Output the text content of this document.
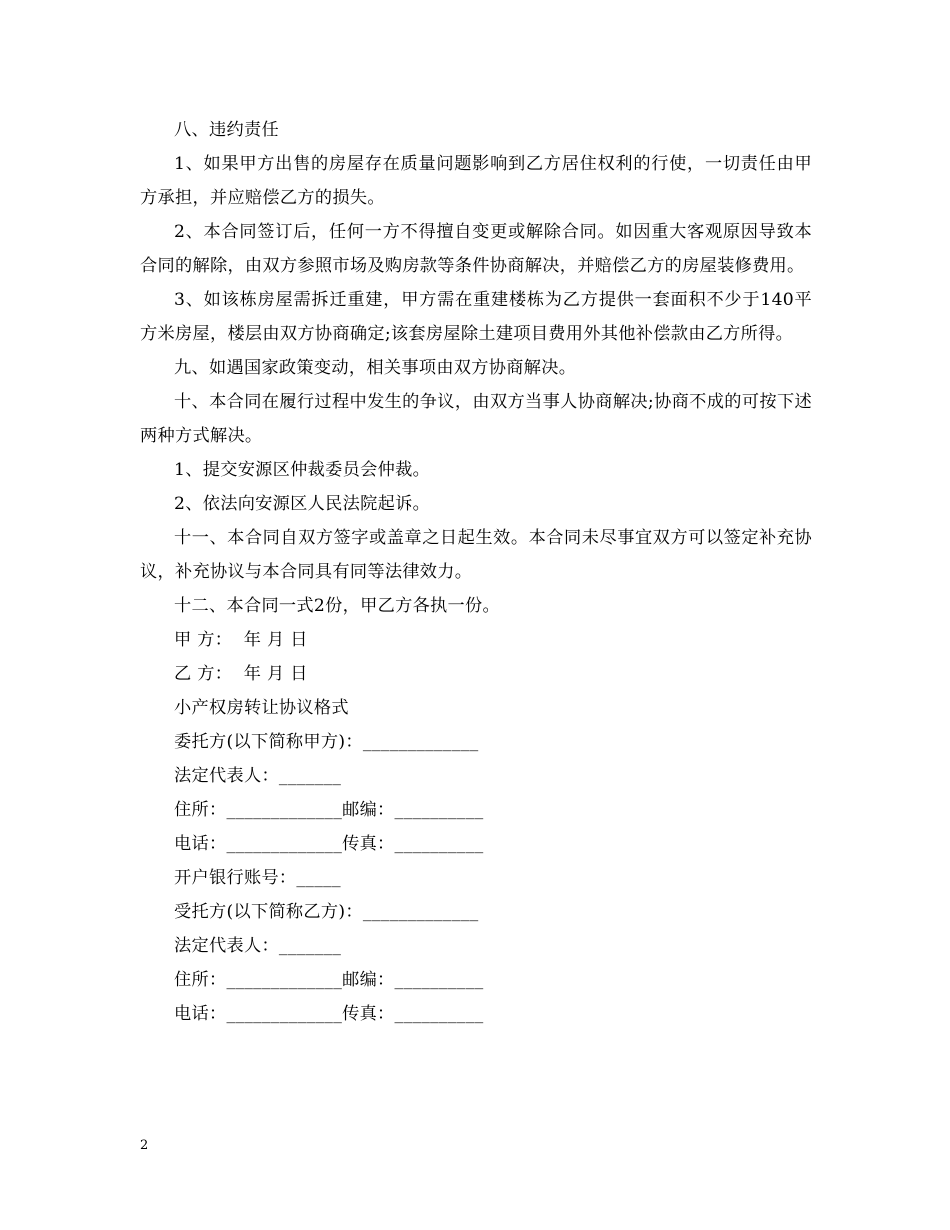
八、违约责任

1、如果甲方出售的房屋存在质量问题影响到乙方居住权利的行使，一切责任由甲方承担，并应赔偿乙方的损失。

2、本合同签订后，任何一方不得擅自变更或解除合同。如因重大客观原因导致本合同的解除，由双方参照市场及购房款等条件协商解决，并赔偿乙方的房屋装修费用。

3、如该栋房屋需拆迁重建，甲方需在重建楼栋为乙方提供一套面积不少于140平方米房屋，楼层由双方协商确定;该套房屋除土建项目费用外其他补偿款由乙方所得。

九、如遇国家政策变动，相关事项由双方协商解决。

十、本合同在履行过程中发生的争议，由双方当事人协商解决;协商不成的可按下述两种方式解决。

1、提交安源区仲裁委员会仲裁。

2、依法向安源区人民法院起诉。

十一、本合同自双方签字或盖章之日起生效。本合同未尽事宜双方可以签定补充协议，补充协议与本合同具有同等法律效力。

十二、本合同一式2份，甲乙方各执一份。

甲 方：  年 月 日

乙 方：  年 月 日

小产权房转让协议格式

委托方(以下简称甲方)：_____________

法定代表人：_______

住所：_____________邮编：__________

电话：_____________传真：__________

开户银行账号：_____

受托方(以下简称乙方)：_____________

法定代表人：_______

住所：_____________邮编：__________

电话：_____________传真：__________

2
